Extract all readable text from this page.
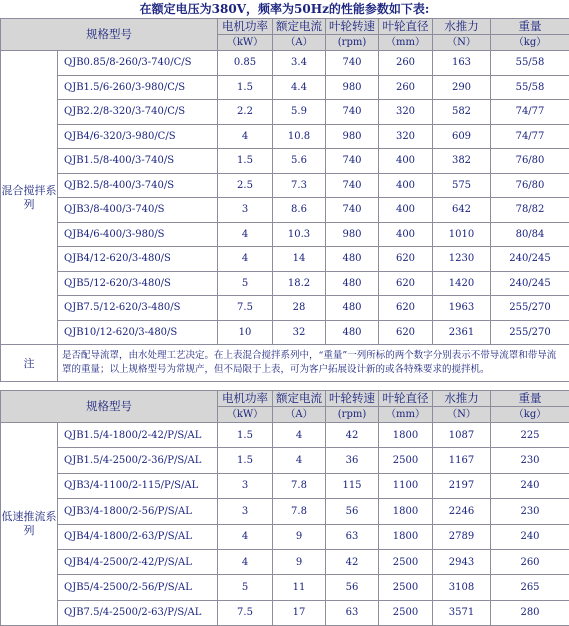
在额定电压为380V，频率为50Hz的性能参数如下表:
规格型号		电机功率	额定电流	叶轮转速	叶轮直径	水推力	重量
		（kW）	（A）	(rpm)	（mm）	（N）	（kg）
混合搅拌系列	QJB0.85/8-260/3-740/C/S	0.85	3.4	740	260	163	55/58
	QJB1.5/6-260/3-980/C/S	1.5	4.4	980	260	290	55/58
	QJB2.2/8-320/3-740/C/S	2.2	5.9	740	320	582	74/77
	QJB4/6-320/3-980/C/S	4	10.8	980	320	609	74/77
	QJB1.5/8-400/3-740/S	1.5	5.6	740	400	382	76/80
	QJB2.5/8-400/3-740/S	2.5	7.3	740	400	575	76/80
	QJB3/8-400/3-740/S	3	8.6	740	400	642	78/82
	QJB4/6-400/3-980/S	4	10.3	980	400	1010	80/84
	QJB4/12-620/3-480/S	4	14	480	620	1230	240/245
	QJB5/12-620/3-480/S	5	18.2	480	620	1420	240/245
	QJB7.5/12-620/3-480/S	7.5	28	480	620	1963	255/270
	QJB10/12-620/3-480/S	10	32	480	620	2361	255/270
注	是否配导流罩，由水处理工艺决定。在上表混合搅拌系列中，“重量”一列所标的两个数字分别表示不带导流罩和带导流罩的重量；以上规格型号为常规产，但不局限于上表，可为客户拓展设计新的或各特殊要求的搅拌机。						
规格型号		电机功率	额定电流	叶轮转速	叶轮直径	水推力	重量
		（kW）	（A）	(rpm)	（mm）	（N）	（kg）
低速推流系列	QJB1.5/4-1800/2-42/P/S/AL	1.5	4	42	1800	1087	225
	QJB1.5/4-2500/2-36/P/S/AL	1.5	4	36	2500	1167	230
	QJB3/4-1100/2-115/P/S/AL	3	7.8	115	1100	2197	240
	QJB3/4-1800/2-56/P/S/AL	3	7.8	56	1800	2246	230
	QJB4/4-1800/2-63/P/S/AL	4	9	63	1800	2789	240
	QJB4/4-2500/2-42/P/S/AL	4	9	42	2500	2943	260
	QJB5/4-2500/2-56/P/S/AL	5	11	56	2500	3108	265
	QJB7.5/4-2500/2-63/P/S/AL	7.5	17	63	2500	3571	280
